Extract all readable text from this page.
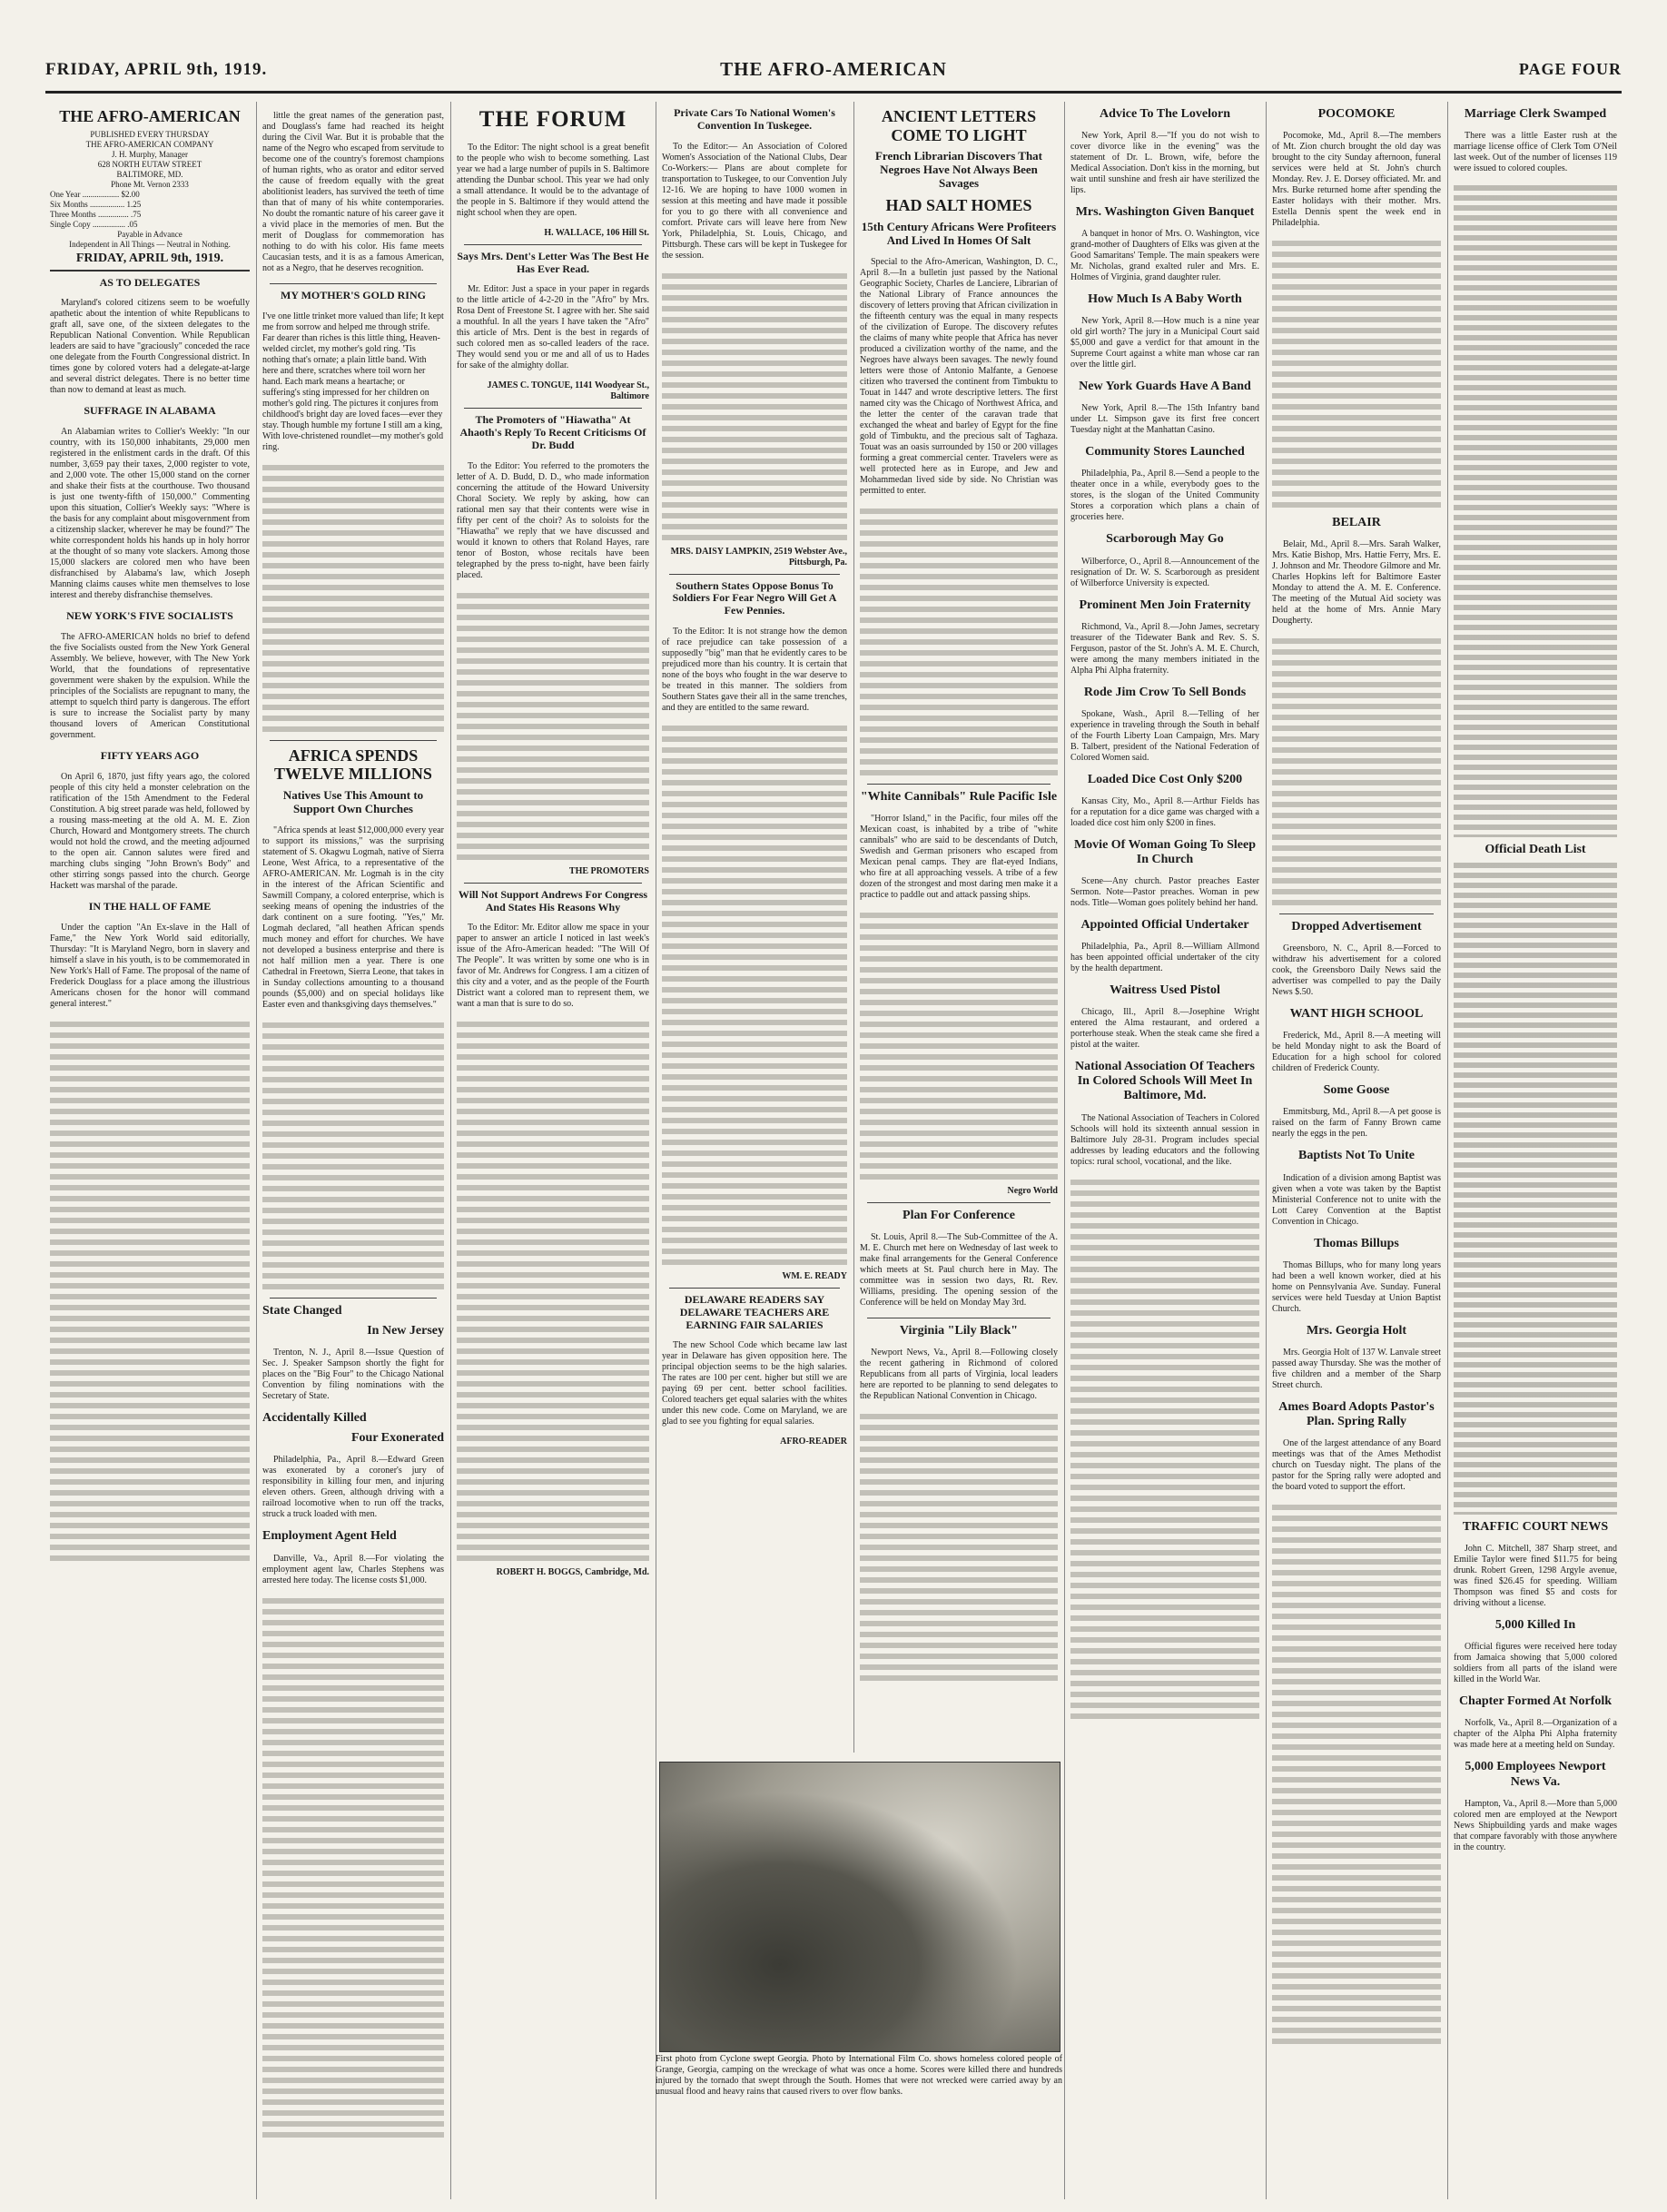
FRIDAY, APRIL 9th, 1919.	THE AFRO-AMERICAN	PAGE FOUR
THE AFRO-AMERICAN
PUBLISHED EVERY THURSDAY
THE AFRO-AMERICAN COMPANY
J. H. Murphy, Manager
628 NORTH EUTAW STREET
BALTIMORE, MD.
Phone Mt. Vernon 2333
One Year .................. $2.00
Six Months ................. 1.25
Three Months ............... .75
Single Copy ................ .05
Payable in Advance
Independent in All Things — Neutral in Nothing.
FRIDAY, APRIL 9th, 1919.
AS TO DELEGATES

Maryland's colored citizens seem to be woefully apathetic about the intention of white Republicans to graft all, save one, of the sixteen delegates to the Republican National Convention. While Republican leaders are said to have "graciously" conceded the race one delegate from the Fourth Congressional district. In times gone by colored voters had a delegate-at-large and several district delegates. There is no better time than now to demand at least as much.

SUFFRAGE IN ALABAMA

An Alabamian writes to Collier's Weekly: "In our country, with its 150,000 inhabitants, 29,000 men registered in the enlistment cards in the draft. Of this number, 3,659 pay their taxes, 2,000 register to vote, and 2,000 vote. The other 15,000 stand on the corner and shake their fists at the courthouse. Two thousand is just one twenty-fifth of 150,000." Commenting upon this situation, Collier's Weekly says: "Where is the basis for any complaint about misgovernment from a citizenship slacker, wherever he may be found?" The white correspondent holds his hands up in holy horror at the thought of so many vote slackers. Among those 15,000 slackers are colored men who have been disfranchised by Alabama's law, which Joseph Manning claims causes white men themselves to lose interest and thereby disfranchise themselves.

NEW YORK'S FIVE SOCIALISTS

The AFRO-AMERICAN holds no brief to defend the five Socialists ousted from the New York General Assembly. We believe, however, with The New York World, that the foundations of representative government were shaken by the expulsion. While the principles of the Socialists are repugnant to many, the attempt to squelch third party is dangerous. The effort is sure to increase the Socialist party by many thousand lovers of American Constitutional government.

FIFTY YEARS AGO

On April 6, 1870, just fifty years ago, the colored people of this city held a monster celebration on the ratification of the 15th Amendment to the Federal Constitution. A big street parade was held, followed by a rousing mass-meeting at the old A. M. E. Zion Church, Howard and Montgomery streets. The church would not hold the crowd, and the meeting adjourned to the open air. Cannon salutes were fired and marching clubs singing "John Brown's Body" and other stirring songs passed into the church. George Hackett was marshal of the parade.

IN THE HALL OF FAME

Under the caption "An Ex-slave in the Hall of Fame," the New York World said editorially, Thursday: "It is Maryland Negro, born in slavery and himself a slave in his youth, is to be commemorated in New York's Hall of Fame. The proposal of the name of Frederick Douglass for a place among the illustrious Americans chosen for the honor will command general interest."

little the great names of the generation past, and Douglass's fame had reached its height during the Civil War. But it is probable that the name of the Negro who escaped from servitude to become one of the country's foremost champions of human rights, who as orator and editor served the cause of freedom equally with the great abolitionist leaders, has survived the teeth of time than that of many of his white contemporaries. No doubt the romantic nature of his career gave it a vivid place in the memories of men. But the merit of Douglass for commemoration has nothing to do with his color. His fame meets Caucasian tests, and it is as a famous American, not as a Negro, that he deserves recognition.

MY MOTHER'S GOLD RING

I've one little trinket more valued than life; It kept me from sorrow and helped me through strife. Far dearer than riches is this little thing, Heaven-welded circlet, my mother's gold ring. 'Tis nothing that's ornate; a plain little band. With here and there, scratches where toil worn her hand. Each mark means a heartache; or suffering's sting impressed for her children on mother's gold ring. The pictures it conjures from childhood's bright day are loved faces—ever they stay. Though humble my fortune I still am a king, With love-christened roundlet—my mother's gold ring.

AFRICA SPENDS TWELVE MILLIONS
Natives Use This Amount to Support Own Churches

"Africa spends at least $12,000,000 every year to support its missions," was the surprising statement of S. Okagwu Logmah, native of Sierra Leone, West Africa, to a representative of the AFRO-AMERICAN. Mr. Logmah is in the city in the interest of the African Scientific and Sawmill Company, a colored enterprise, which is seeking means of opening the industries of the dark continent on a sure footing. "Yes," Mr. Logmah declared, "all heathen African spends much money and effort for churches. We have not developed a business enterprise and there is not half million men a year. There is one Cathedral in Freetown, Sierra Leone, that takes in in Sunday collections amounting to a thousand pounds ($5,000) and on special holidays like Easter even and thanksgiving days themselves."

State Changed
In New Jersey

Trenton, N. J., April 8.—Issue Question of Sec. J. Speaker Sampson shortly the fight for places on the "Big Four" to the Chicago National Convention by filing nominations with the Secretary of State.

Accidentally Killed
Four Exonerated

Philadelphia, Pa., April 8.—Edward Green was exonerated by a coroner's jury of responsibility in killing four men, and injuring eleven others. Green, although driving with a railroad locomotive when to run off the tracks, struck a truck loaded with men.

Employment Agent Held

Danville, Va., April 8.—For violating the employment agent law, Charles Stephens was arrested here today. The license costs $1,000.

THE FORUM

To the Editor: The night school is a great benefit to the people who wish to become something. Last year we had a large number of pupils in S. Baltimore attending the Dunbar school. This year we had only a small attendance. It would be to the advantage of the people in S. Baltimore if they would attend the night school when they are open.

H. WALLACE, 106 Hill St.
Says Mrs. Dent's Letter Was The Best He Has Ever Read.

Mr. Editor: Just a space in your paper in regards to the little article of 4-2-20 in the "Afro" by Mrs. Rosa Dent of Freestone St. I agree with her. She said a mouthful. In all the years I have taken the "Afro" this article of Mrs. Dent is the best in regards of such colored men as so-called leaders of the race. They would send you or me and all of us to Hades for sake of the almighty dollar.

JAMES C. TONGUE, 1141 Woodyear St., Baltimore
The Promoters of "Hiawatha" At Ahaoth's Reply To Recent Criticisms Of Dr. Budd

To the Editor: You referred to the promoters the letter of A. D. Budd, D. D., who made information concerning the attitude of the Howard University Choral Society. We reply by asking, how can rational men say that their contents were wise in fifty per cent of the choir? As to soloists for the "Hiawatha" we reply that we have discussed and would it known to others that Roland Hayes, rare tenor of Boston, whose recitals have been telegraphed by the press to-night, have been fairly placed.

THE PROMOTERS
Will Not Support Andrews For Congress And States His Reasons Why

To the Editor: Mr. Editor allow me space in your paper to answer an article I noticed in last week's issue of the Afro-American headed: "The Will Of The People". It was written by some one who is in favor of Mr. Andrews for Congress. I am a citizen of this city and a voter, and as the people of the Fourth District want a colored man to represent them, we want a man that is sure to do so.

ROBERT H. BOGGS, Cambridge, Md.
Private Cars To National Women's Convention In Tuskegee.

To the Editor:— An Association of Colored Women's Association of the National Clubs, Dear Co-Workers:— Plans are about complete for transportation to Tuskegee, to our Convention July 12-16. We are hoping to have 1000 women in session at this meeting and have made it possible for you to go there with all convenience and comfort. Private cars will leave here from New York, Philadelphia, St. Louis, Chicago, and Pittsburgh. These cars will be kept in Tuskegee for the session.

MRS. DAISY LAMPKIN, 2519 Webster Ave., Pittsburgh, Pa.
Southern States Oppose Bonus To Soldiers For Fear Negro Will Get A Few Pennies.

To the Editor: It is not strange how the demon of race prejudice can take possession of a supposedly "big" man that he evidently cares to be prejudiced more than his country. It is certain that none of the boys who fought in the war deserve to be treated in this manner. The soldiers from Southern States gave their all in the same trenches, and they are entitled to the same reward.

WM. E. READY
DELAWARE READERS SAY DELAWARE TEACHERS ARE EARNING FAIR SALARIES

The new School Code which became law last year in Delaware has given opposition here. The principal objection seems to be the high salaries. The rates are 100 per cent. higher but still we are paying 69 per cent. better school facilities. Colored teachers get equal salaries with the whites under this new code. Come on Maryland, we are glad to see you fighting for equal salaries.

AFRO-READER
ANCIENT LETTERS COME TO LIGHT
French Librarian Discovers That Negroes Have Not Always Been Savages
HAD SALT HOMES
15th Century Africans Were Profiteers And Lived In Homes Of Salt

Special to the Afro-American, Washington, D. C., April 8.—In a bulletin just passed by the National Geographic Society, Charles de Lanciere, Librarian of the National Library of France announces the discovery of letters proving that African civilization in the fifteenth century was the equal in many respects of the civilization of Europe. The discovery refutes the claims of many white people that Africa has never produced a civilization worthy of the name, and the Negroes have always been savages. The newly found letters were those of Antonio Malfante, a Genoese citizen who traversed the continent from Timbuktu to Touat in 1447 and wrote descriptive letters. The first named city was the Chicago of Northwest Africa, and the letter the center of the caravan trade that exchanged the wheat and barley of Egypt for the fine gold of Timbuktu, and the precious salt of Taghaza. Touat was an oasis surrounded by 150 or 200 villages forming a great commercial center. Travelers were as well protected here as in Europe, and Jew and Mohammedan lived side by side. No Christian was permitted to enter.

"White Cannibals" Rule Pacific Isle

"Horror Island," in the Pacific, four miles off the Mexican coast, is inhabited by a tribe of "white cannibals" who are said to be descendants of Dutch, Swedish and German prisoners who escaped from Mexican penal camps. They are flat-eyed Indians, who fire at all approaching vessels. A tribe of a few dozen of the strongest and most daring men make it a practice to paddle out and attack passing ships.

Negro World
Plan For Conference

St. Louis, April 8.—The Sub-Committee of the A. M. E. Church met here on Wednesday of last week to make final arrangements for the General Conference which meets at St. Paul church here in May. The committee was in session two days, Rt. Rev. Williams, presiding. The opening session of the Conference will be held on Monday May 3rd.

Virginia "Lily Black"

Newport News, Va., April 8.—Following closely the recent gathering in Richmond of colored Republicans from all parts of Virginia, local leaders here are reported to be planning to send delegates to the Republican National Convention in Chicago.

First photo from Cyclone swept Georgia. Photo by International Film Co. shows homeless colored people of Grange, Georgia, camping on the wreckage of what was once a home. Scores were killed there and hundreds injured by the tornado that swept through the South. Homes that were not wrecked were carried away by an unusual flood and heavy rains that caused rivers to over flow banks.
Advice To The Lovelorn

New York, April 8.—"If you do not wish to cover divorce like in the evening" was the statement of Dr. L. Brown, wife, before the Medical Association. Don't kiss in the morning, but wait until sunshine and fresh air have sterilized the lips.

Mrs. Washington Given Banquet

A banquet in honor of Mrs. O. Washington, vice grand-mother of Daughters of Elks was given at the Good Samaritans' Temple. The main speakers were Mr. Nicholas, grand exalted ruler and Mrs. E. Holmes of Virginia, grand daughter ruler.

How Much Is A Baby Worth

New York, April 8.—How much is a nine year old girl worth? The jury in a Municipal Court said $5,000 and gave a verdict for that amount in the Supreme Court against a white man whose car ran over the little girl.

New York Guards Have A Band

New York, April 8.—The 15th Infantry band under Lt. Simpson gave its first free concert Tuesday night at the Manhattan Casino.

Community Stores Launched

Philadelphia, Pa., April 8.—Send a people to the theater once in a while, everybody goes to the stores, is the slogan of the United Community Stores a corporation which plans a chain of groceries here.

Scarborough May Go

Wilberforce, O., April 8.—Announcement of the resignation of Dr. W. S. Scarborough as president of Wilberforce University is expected.

Prominent Men Join Fraternity

Richmond, Va., April 8.—John James, secretary treasurer of the Tidewater Bank and Rev. S. S. Ferguson, pastor of the St. John's A. M. E. Church, were among the many members initiated in the Alpha Phi Alpha fraternity.

Rode Jim Crow To Sell Bonds

Spokane, Wash., April 8.—Telling of her experience in traveling through the South in behalf of the Fourth Liberty Loan Campaign, Mrs. Mary B. Talbert, president of the National Federation of Colored Women said.

Loaded Dice Cost Only $200

Kansas City, Mo., April 8.—Arthur Fields has for a reputation for a dice game was charged with a loaded dice cost him only $200 in fines.

Movie Of Woman Going To Sleep In Church

Scene—Any church. Pastor preaches Easter Sermon. Note—Pastor preaches. Woman in pew nods. Title—Woman goes politely behind her hand.

Appointed Official Undertaker

Philadelphia, Pa., April 8.—William Allmond has been appointed official undertaker of the city by the health department.

Waitress Used Pistol

Chicago, Ill., April 8.—Josephine Wright entered the Alma restaurant, and ordered a porterhouse steak. When the steak came she fired a pistol at the waiter.

National Association Of Teachers In Colored Schools Will Meet In Baltimore, Md.

The National Association of Teachers in Colored Schools will hold its sixteenth annual session in Baltimore July 28-31. Program includes special addresses by leading educators and the following topics: rural school, vocational, and the like.

POCOMOKE

Pocomoke, Md., April 8.—The members of Mt. Zion church brought the old day was brought to the city Sunday afternoon, funeral services were held at St. John's church Monday. Rev. J. E. Dorsey officiated. Mr. and Mrs. Burke returned home after spending the Easter holidays with their mother. Mrs. Estella Dennis spent the week end in Philadelphia.

BELAIR

Belair, Md., April 8.—Mrs. Sarah Walker, Mrs. Katie Bishop, Mrs. Hattie Ferry, Mrs. E. J. Johnson and Mr. Theodore Gilmore and Mr. Charles Hopkins left for Baltimore Easter Monday to attend the A. M. E. Conference. The meeting of the Mutual Aid society was held at the home of Mrs. Annie Mary Dougherty.

Dropped Advertisement

Greensboro, N. C., April 8.—Forced to withdraw his advertisement for a colored cook, the Greensboro Daily News said the advertiser was compelled to pay the Daily News $.50.

WANT HIGH SCHOOL

Frederick, Md., April 8.—A meeting will be held Monday night to ask the Board of Education for a high school for colored children of Frederick County.

Some Goose

Emmitsburg, Md., April 8.—A pet goose is raised on the farm of Fanny Brown came nearly the eggs in the pen.

Baptists Not To Unite

Indication of a division among Baptist was given when a vote was taken by the Baptist Ministerial Conference not to unite with the Lott Carey Convention at the Baptist Convention in Chicago.

Thomas Billups

Thomas Billups, who for many long years had been a well known worker, died at his home on Pennsylvania Ave. Sunday. Funeral services were held Tuesday at Union Baptist Church.

Mrs. Georgia Holt

Mrs. Georgia Holt of 137 W. Lanvale street passed away Thursday. She was the mother of five children and a member of the Sharp Street church.

Ames Board Adopts Pastor's Plan. Spring Rally

One of the largest attendance of any Board meetings was that of the Ames Methodist church on Tuesday night. The plans of the pastor for the Spring rally were adopted and the board voted to support the effort.

Marriage Clerk Swamped

There was a little Easter rush at the marriage license office of Clerk Tom O'Neil last week. Out of the number of licenses 119 were issued to colored couples.

Official Death List
TRAFFIC COURT NEWS

John C. Mitchell, 387 Sharp street, and Emilie Taylor were fined $11.75 for being drunk. Robert Green, 1298 Argyle avenue, was fined $26.45 for speeding. William Thompson was fined $5 and costs for driving without a license.

5,000 Killed In

Official figures were received here today from Jamaica showing that 5,000 colored soldiers from all parts of the island were killed in the World War.

Chapter Formed At Norfolk

Norfolk, Va., April 8.—Organization of a chapter of the Alpha Phi Alpha fraternity was made here at a meeting held on Sunday.

5,000 Employees Newport News Va.

Hampton, Va., April 8.—More than 5,000 colored men are employed at the Newport News Shipbuilding yards and make wages that compare favorably with those anywhere in the country.
